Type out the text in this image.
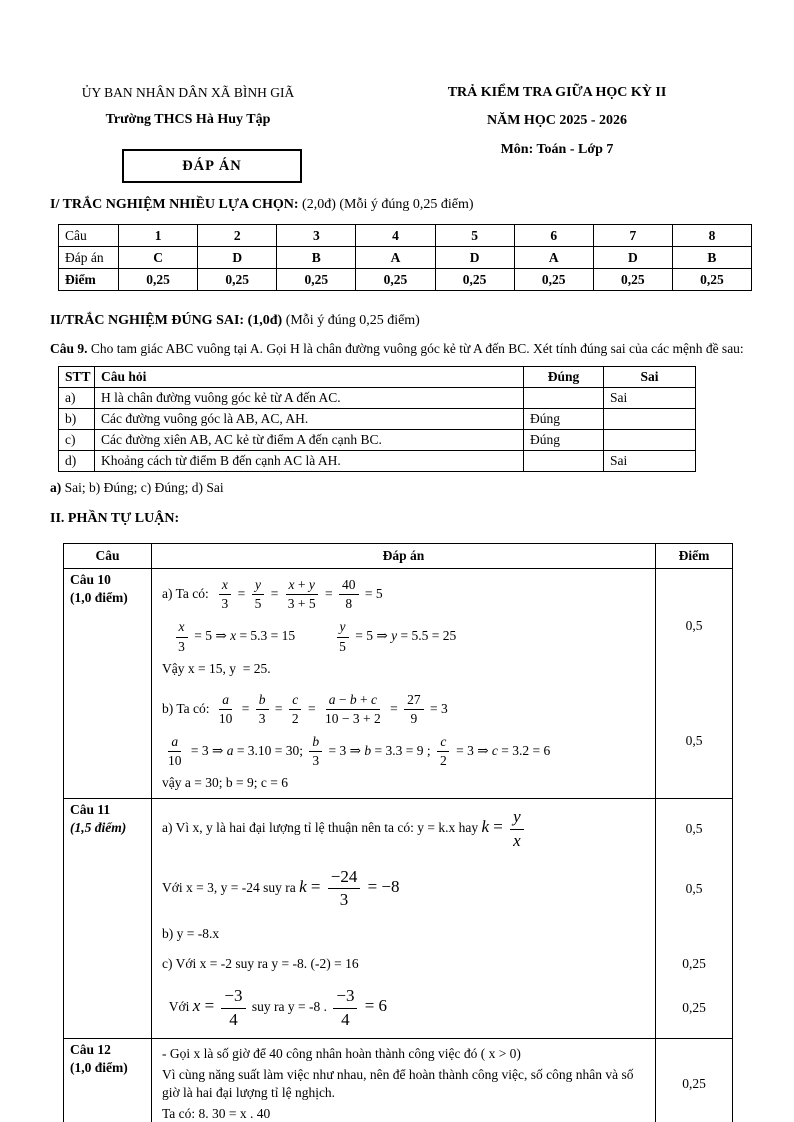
ỦY BAN NHÂN DÂN XÃ BÌNH GIÃ
Trường THCS Hà Huy Tập
ĐÁP ÁN
TRẢ KIỂM TRA GIỮA HỌC KỲ II
NĂM HỌC 2025 - 2026
Môn: Toán - Lớp 7

I/ TRẮC NGHIỆM NHIỀU LỰA CHỌN: (2,0đ) (Mỗi ý đúng 0,25 điểm)

Câu	1	2	3	4	5	6	7	8
Đáp án	C	D	B	A	D	A	D	B
Điểm	0,25	0,25	0,25	0,25	0,25	0,25	0,25	0,25

II/TRẮC NGHIỆM ĐÚNG SAI: (1,0đ) (Mỗi ý đúng 0,25 điểm)

Câu 9. Cho tam giác ABC vuông tại A. Gọi H là chân đường vuông góc kẻ từ A đến BC. Xét tính đúng sai của các mệnh đề sau:

STT	Câu hỏi	Đúng	Sai
a)	H là chân đường vuông góc kẻ từ A đến AC.		Sai
b)	Các đường vuông góc là AB, AC, AH.	Đúng	
c)	Các đường xiên AB, AC kẻ từ điểm A đến cạnh BC.	Đúng	
d)	Khoảng cách từ điểm B đến cạnh AC là AH.		Sai

a) Sai; b) Đúng; c) Đúng; d) Sai

II. PHẦN TỰ LUẬN:

Câu	Đáp án	Điểm

Câu 10
(1,0 điểm)	a) Ta có: $\frac{x}{3} = \frac{y}{5} = \frac{x + y}{3 + 5} = \frac{40}{8} = 5$

$\frac{x}{3} = 5$ ⇒ x = 5.3 = 15	$\frac{y}{5} = 5$ ⇒ y = 5.5 = 25
Vậy x = 15, y  = 25.
	0,5

b) Ta có: $\frac{a}{10} = \frac{b}{3} = \frac{c}{2} = \frac{a - b + c}{10 - 3 + 2} = \frac{27}{9} = 3$
$\frac{a}{10} = 3$ ⇒ a = 3.10 = 30; $\frac{b}{3} = 3$ ⇒ b = 3.3 = 9 ; $\frac{c}{2} = 3$ ⇒ c = 3.2 = 6
vậy a = 30; b = 9; c = 6
	0,5

Câu 11
(1,5 điểm)	a) Vì x, y là hai đại lượng tỉ lệ thuận nên ta có: y = k.x hay $k = \frac{y}{x}$	0,5

	Với x = 3, y = -24 suy ra $k = \frac{-24}{3} = -8$	0,5

	b) y = -8.x	

	c) Với x = -2 suy ra y = -8. (-2) = 16	0,25

Với $x = \frac{-3}{4}$ suy ra y = -8 . $\frac{-3}{4} = 6$	0,25

Câu 12
(1,0 điểm)

- Gọi x là số giờ để 40 công nhân hoàn thành công việc đó ( x > 0)
Vì cùng năng suất làm việc như nhau, nên để hoàn thành công việc, số công nhân và số giờ là hai đại lượng tỉ lệ nghịch.
Ta có: 8. 30 = x . 40
	0,25
